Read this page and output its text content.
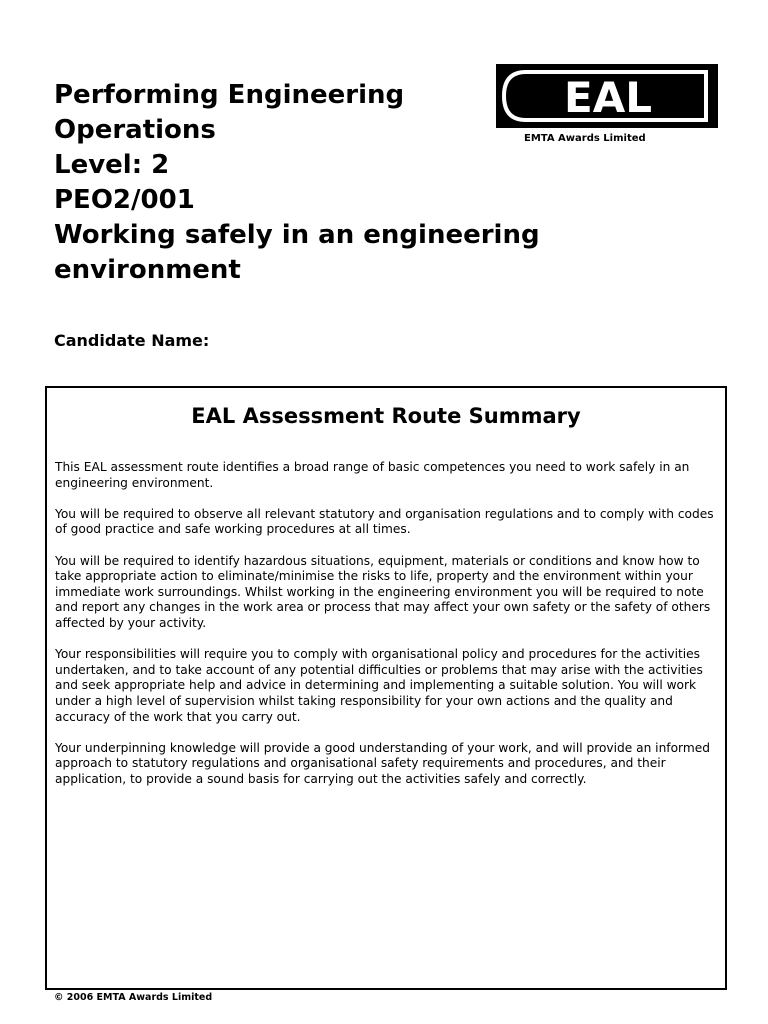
Performing Engineering

Operations

Level: 2

PEO2/001

Working safely in an engineering

environment

EAL
EMTA Awards Limited
Candidate Name:
EAL Assessment Route Summary

This EAL assessment route identifies a broad range of basic competences you need to work safely in an engineering environment.

You will be required to observe all relevant statutory and organisation regulations and to comply with codes of good practice and safe working procedures at all times.

You will be required to identify hazardous situations, equipment, materials or conditions and know how to take appropriate action to eliminate/minimise the risks to life, property and the environment within your immediate work surroundings. Whilst working in the engineering environment you will be required to note and report any changes in the work area or process that may affect your own safety or the safety of others affected by your activity.

Your responsibilities will require you to comply with organisational policy and procedures for the activities undertaken, and to take account of any potential difficulties or problems that may arise with the activities and seek appropriate help and advice in determining and implementing a suitable solution. You will work under a high level of supervision whilst taking responsibility for your own actions and the quality and accuracy of the work that you carry out.

Your underpinning knowledge will provide a good understanding of your work, and will provide an informed approach to statutory regulations and organisational safety requirements and procedures, and their application, to provide a sound basis for carrying out the activities safely and correctly.

© 2006 EMTA Awards Limited
